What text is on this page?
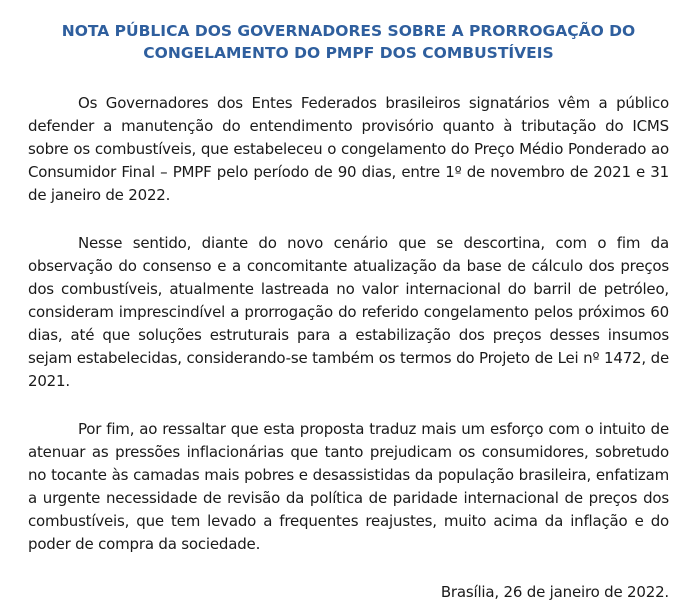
NOTA PÚBLICA DOS GOVERNADORES SOBRE A PRORROGAÇÃO DO
CONGELAMENTO DO PMPF DOS COMBUSTÍVEIS

Os Governadores dos Entes Federados brasileiros signatários vêm a público defender a manutenção do entendimento provisório quanto à tributação do ICMS sobre os combustíveis, que estabeleceu o congelamento do Preço Médio Ponderado ao Consumidor Final – PMPF pelo período de 90 dias, entre 1º de novembro de 2021 e 31 de janeiro de 2022.

Nesse sentido, diante do novo cenário que se descortina, com o fim da observação do consenso e a concomitante atualização da base de cálculo dos preços dos combustíveis, atualmente lastreada no valor internacional do barril de petróleo, consideram imprescindível a prorrogação do referido congelamento pelos próximos 60 dias, até que soluções estruturais para a estabilização dos preços desses insumos sejam estabelecidas, considerando-se também os termos do Projeto de Lei nº 1472, de 2021.

Por fim, ao ressaltar que esta proposta traduz mais um esforço com o intuito de atenuar as pressões inflacionárias que tanto prejudicam os consumidores, sobretudo no tocante às camadas mais pobres e desassistidas da população brasileira, enfatizam a urgente necessidade de revisão da política de paridade internacional de preços dos combustíveis, que tem levado a frequentes reajustes, muito acima da inflação e do poder de compra da sociedade.

Brasília, 26 de janeiro de 2022.
